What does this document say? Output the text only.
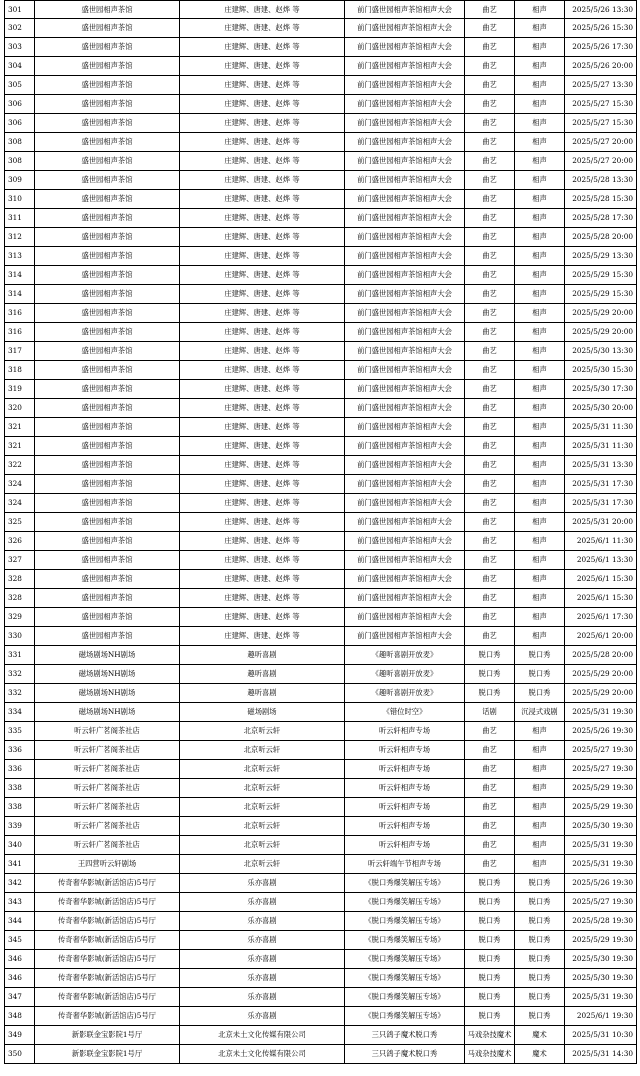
301	盛世园相声茶馆	庄建辉、唐建、赵烨 等	前门盛世园相声茶馆相声大会	曲艺	相声	2025/5/26 13:30
302	盛世园相声茶馆	庄建辉、唐建、赵烨 等	前门盛世园相声茶馆相声大会	曲艺	相声	2025/5/26 15:30
303	盛世园相声茶馆	庄建辉、唐建、赵烨 等	前门盛世园相声茶馆相声大会	曲艺	相声	2025/5/26 17:30
304	盛世园相声茶馆	庄建辉、唐建、赵烨 等	前门盛世园相声茶馆相声大会	曲艺	相声	2025/5/26 20:00
305	盛世园相声茶馆	庄建辉、唐建、赵烨 等	前门盛世园相声茶馆相声大会	曲艺	相声	2025/5/27 13:30
306	盛世园相声茶馆	庄建辉、唐建、赵烨 等	前门盛世园相声茶馆相声大会	曲艺	相声	2025/5/27 15:30
306	盛世园相声茶馆	庄建辉、唐建、赵烨 等	前门盛世园相声茶馆相声大会	曲艺	相声	2025/5/27 15:30
308	盛世园相声茶馆	庄建辉、唐建、赵烨 等	前门盛世园相声茶馆相声大会	曲艺	相声	2025/5/27 20:00
308	盛世园相声茶馆	庄建辉、唐建、赵烨 等	前门盛世园相声茶馆相声大会	曲艺	相声	2025/5/27 20:00
309	盛世园相声茶馆	庄建辉、唐建、赵烨 等	前门盛世园相声茶馆相声大会	曲艺	相声	2025/5/28 13:30
310	盛世园相声茶馆	庄建辉、唐建、赵烨 等	前门盛世园相声茶馆相声大会	曲艺	相声	2025/5/28 15:30
311	盛世园相声茶馆	庄建辉、唐建、赵烨 等	前门盛世园相声茶馆相声大会	曲艺	相声	2025/5/28 17:30
312	盛世园相声茶馆	庄建辉、唐建、赵烨 等	前门盛世园相声茶馆相声大会	曲艺	相声	2025/5/28 20:00
313	盛世园相声茶馆	庄建辉、唐建、赵烨 等	前门盛世园相声茶馆相声大会	曲艺	相声	2025/5/29 13:30
314	盛世园相声茶馆	庄建辉、唐建、赵烨 等	前门盛世园相声茶馆相声大会	曲艺	相声	2025/5/29 15:30
314	盛世园相声茶馆	庄建辉、唐建、赵烨 等	前门盛世园相声茶馆相声大会	曲艺	相声	2025/5/29 15:30
316	盛世园相声茶馆	庄建辉、唐建、赵烨 等	前门盛世园相声茶馆相声大会	曲艺	相声	2025/5/29 20:00
316	盛世园相声茶馆	庄建辉、唐建、赵烨 等	前门盛世园相声茶馆相声大会	曲艺	相声	2025/5/29 20:00
317	盛世园相声茶馆	庄建辉、唐建、赵烨 等	前门盛世园相声茶馆相声大会	曲艺	相声	2025/5/30 13:30
318	盛世园相声茶馆	庄建辉、唐建、赵烨 等	前门盛世园相声茶馆相声大会	曲艺	相声	2025/5/30 15:30
319	盛世园相声茶馆	庄建辉、唐建、赵烨 等	前门盛世园相声茶馆相声大会	曲艺	相声	2025/5/30 17:30
320	盛世园相声茶馆	庄建辉、唐建、赵烨 等	前门盛世园相声茶馆相声大会	曲艺	相声	2025/5/30 20:00
321	盛世园相声茶馆	庄建辉、唐建、赵烨 等	前门盛世园相声茶馆相声大会	曲艺	相声	2025/5/31 11:30
321	盛世园相声茶馆	庄建辉、唐建、赵烨 等	前门盛世园相声茶馆相声大会	曲艺	相声	2025/5/31 11:30
322	盛世园相声茶馆	庄建辉、唐建、赵烨 等	前门盛世园相声茶馆相声大会	曲艺	相声	2025/5/31 13:30
324	盛世园相声茶馆	庄建辉、唐建、赵烨 等	前门盛世园相声茶馆相声大会	曲艺	相声	2025/5/31 17:30
324	盛世园相声茶馆	庄建辉、唐建、赵烨 等	前门盛世园相声茶馆相声大会	曲艺	相声	2025/5/31 17:30
325	盛世园相声茶馆	庄建辉、唐建、赵烨 等	前门盛世园相声茶馆相声大会	曲艺	相声	2025/5/31 20:00
326	盛世园相声茶馆	庄建辉、唐建、赵烨 等	前门盛世园相声茶馆相声大会	曲艺	相声	2025/6/1 11:30
327	盛世园相声茶馆	庄建辉、唐建、赵烨 等	前门盛世园相声茶馆相声大会	曲艺	相声	2025/6/1 13:30
328	盛世园相声茶馆	庄建辉、唐建、赵烨 等	前门盛世园相声茶馆相声大会	曲艺	相声	2025/6/1 15:30
328	盛世园相声茶馆	庄建辉、唐建、赵烨 等	前门盛世园相声茶馆相声大会	曲艺	相声	2025/6/1 15:30
329	盛世园相声茶馆	庄建辉、唐建、赵烨 等	前门盛世园相声茶馆相声大会	曲艺	相声	2025/6/1 17:30
330	盛世园相声茶馆	庄建辉、唐建、赵烨 等	前门盛世园相声茶馆相声大会	曲艺	相声	2025/6/1 20:00
331	磁场剧场NH剧场	趣听喜剧	《趣听喜剧开放麦》	脱口秀	脱口秀	2025/5/28 20:00
332	磁场剧场NH剧场	趣听喜剧	《趣听喜剧开放麦》	脱口秀	脱口秀	2025/5/29 20:00
332	磁场剧场NH剧场	趣听喜剧	《趣听喜剧开放麦》	脱口秀	脱口秀	2025/5/29 20:00
334	磁场剧场NH剧场	磁场剧场	《错位时空》	话剧	沉浸式戏剧	2025/5/31 19:30
335	听云轩广茗阁茶社店	北京听云轩	听云轩相声专场	曲艺	相声	2025/5/26 19:30
336	听云轩广茗阁茶社店	北京听云轩	听云轩相声专场	曲艺	相声	2025/5/27 19:30
336	听云轩广茗阁茶社店	北京听云轩	听云轩相声专场	曲艺	相声	2025/5/27 19:30
338	听云轩广茗阁茶社店	北京听云轩	听云轩相声专场	曲艺	相声	2025/5/29 19:30
338	听云轩广茗阁茶社店	北京听云轩	听云轩相声专场	曲艺	相声	2025/5/29 19:30
339	听云轩广茗阁茶社店	北京听云轩	听云轩相声专场	曲艺	相声	2025/5/30 19:30
340	听云轩广茗阁茶社店	北京听云轩	听云轩相声专场	曲艺	相声	2025/5/31 19:30
341	王四营听云轩剧场	北京听云轩	听云轩端午节相声专场	曲艺	相声	2025/5/31 19:30
342	传奇奢华影城(新活馆店)5号厅	乐亦喜剧	《脱口秀爆笑解压专场》	脱口秀	脱口秀	2025/5/26 19:30
343	传奇奢华影城(新活馆店)5号厅	乐亦喜剧	《脱口秀爆笑解压专场》	脱口秀	脱口秀	2025/5/27 19:30
344	传奇奢华影城(新活馆店)5号厅	乐亦喜剧	《脱口秀爆笑解压专场》	脱口秀	脱口秀	2025/5/28 19:30
345	传奇奢华影城(新活馆店)5号厅	乐亦喜剧	《脱口秀爆笑解压专场》	脱口秀	脱口秀	2025/5/29 19:30
346	传奇奢华影城(新活馆店)5号厅	乐亦喜剧	《脱口秀爆笑解压专场》	脱口秀	脱口秀	2025/5/30 19:30
346	传奇奢华影城(新活馆店)5号厅	乐亦喜剧	《脱口秀爆笑解压专场》	脱口秀	脱口秀	2025/5/30 19:30
347	传奇奢华影城(新活馆店)5号厅	乐亦喜剧	《脱口秀爆笑解压专场》	脱口秀	脱口秀	2025/5/31 19:30
348	传奇奢华影城(新活馆店)5号厅	乐亦喜剧	《脱口秀爆笑解压专场》	脱口秀	脱口秀	2025/6/1 19:30
349	新影联金宝影院1号厅	北京未土文化传媒有限公司	三只鸽子魔术脱口秀	马戏杂技魔术	魔术	2025/5/31 10:30
350	新影联金宝影院1号厅	北京未土文化传媒有限公司	三只鸽子魔术脱口秀	马戏杂技魔术	魔术	2025/5/31 14:30
